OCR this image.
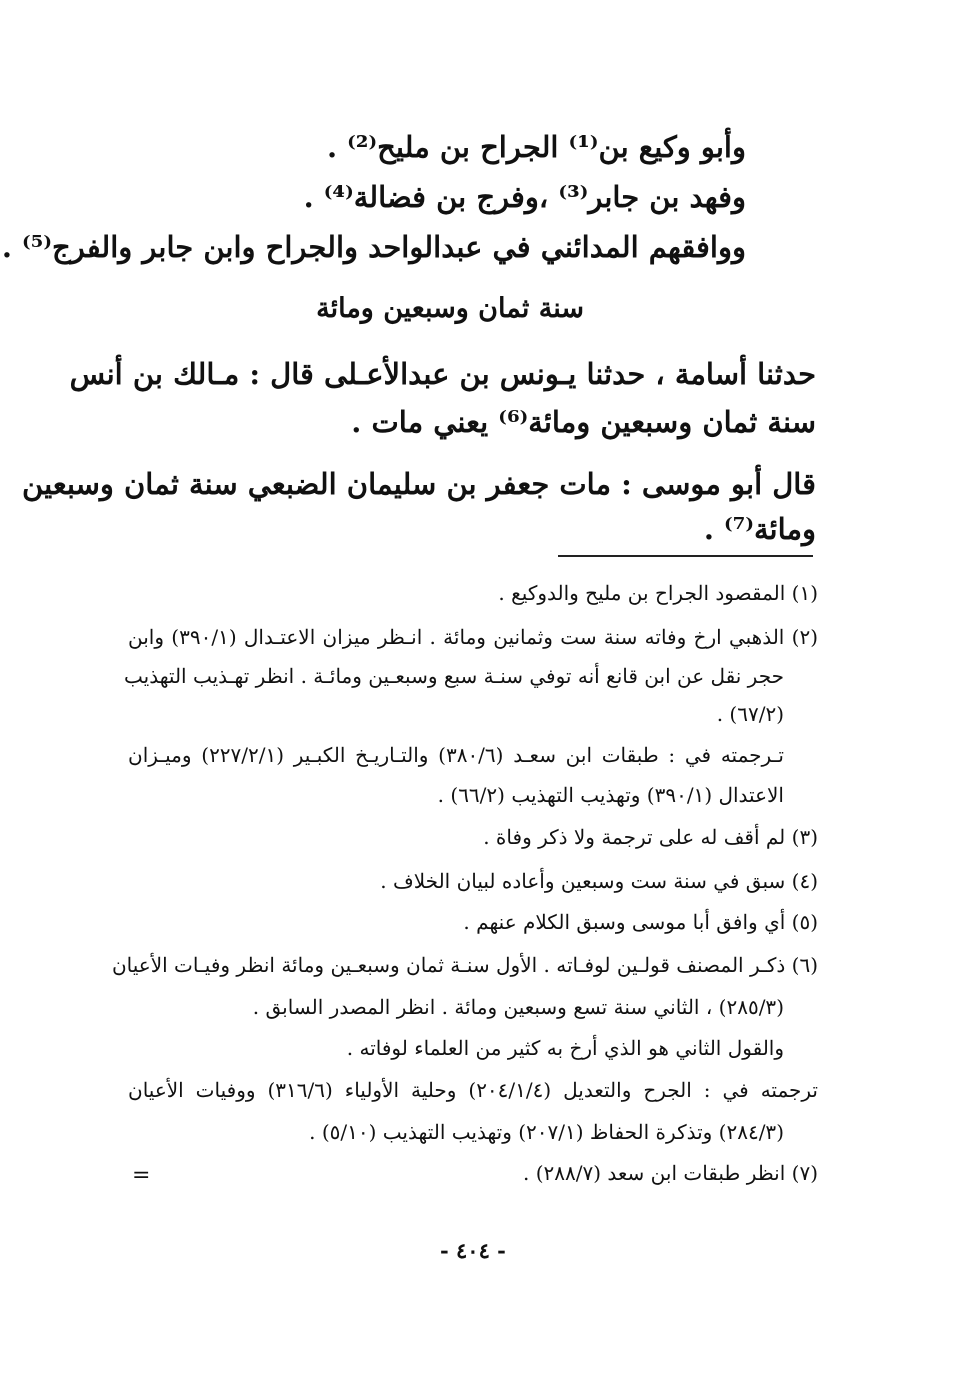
وأبو وكيع بن⁽¹⁾ الجراح بن مليح⁽²⁾ .
وفهد بن جابر⁽³⁾ ،وفرج بن فضالة⁽⁴⁾ .
ووافقهم المدائني في عبدالواحد والجراح وابن جابر والفرج⁽⁵⁾ .
سنة ثمان وسبعين ومائة
حدثنا أسامة ، حدثنا يـونس بن عبدالأعـلى قال : مـالك بن أنس
سنة ثمان وسبعين ومائة⁽⁶⁾ يعني مات .
قال أبو موسى : مات جعفر بن سليمان الضبعي سنة ثمان وسبعين
ومائة⁽⁷⁾ .
(١) المقصود الجراح بن مليح والدوكيع .
(٢) الذهبي ارخ وفاته سنة ست وثمانين ومائة . انـظر ميزان الاعتـدال (٣٩٠/١) وابن
حجر نقل عن ابن قانع أنه توفي سنـة سبع وسبعـين ومائـة . انظر تهـذيب التهذيب
(٦٧/٢) .
تـرجمته في : طبقات ابن سعـد (٣٨٠/٦) والتـاريـخ الكبـير (٢٢٧/٢/١) وميـزان
الاعتدال (٣٩٠/١) وتهذيب التهذيب (٦٦/٢) .
(٣) لم أقف له على ترجمة ولا ذكر وفاة .
(٤) سبق في سنة ست وسبعين وأعاده لبيان الخلاف .
(٥) أي وافق أبا موسى وسبق الكلام عنهم .
(٦) ذكـر المصنف قولـين لوفـاته . الأول سنـة ثمان وسبعـين ومائة انظر وفيـات الأعيان
(٢٨٥/٣) ، الثاني سنة تسع وسبعين ومائة . انظر المصدر السابق .
والقول الثاني هو الذي أرخ به كثير من العلماء لوفاته .
ترجمته في : الجرح والتعديل (٢٠٤/١/٤) وحلية الأولياء (٣١٦/٦) ووفيات الأعيان
(٢٨٤/٣) وتذكرة الحفاظ (٢٠٧/١) وتهذيب التهذيب (٥/١٠) .
(٧) انظر طبقات ابن سعد (٢٨٨/٧) .
=
- ٤٠٤ -
